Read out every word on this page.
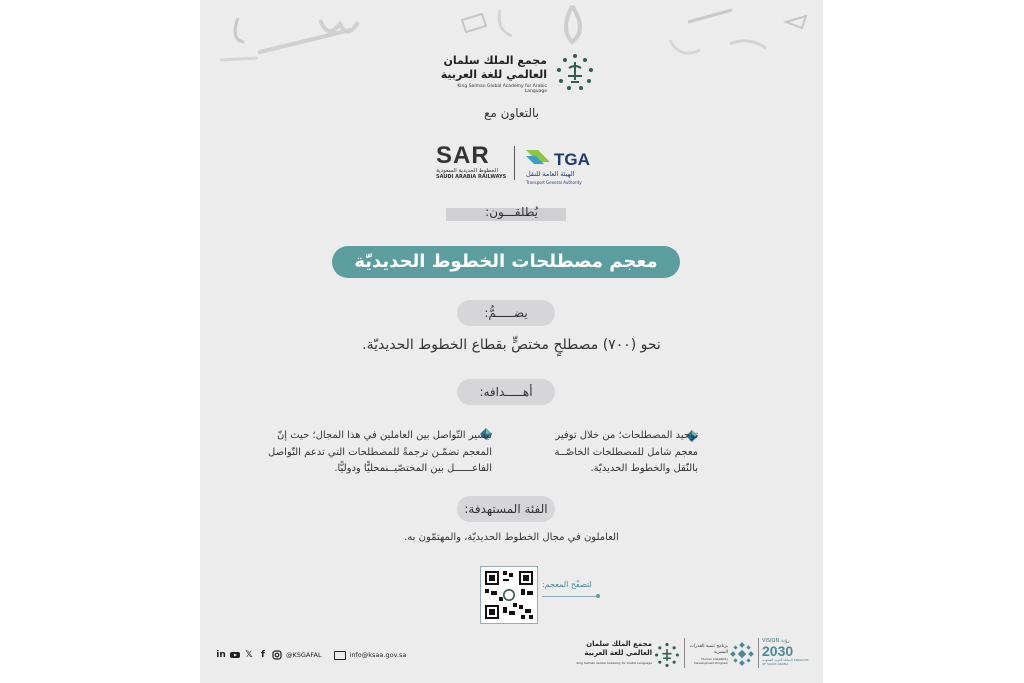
مجمع الملك سلمان
العالمي للغة العربية
King Salman Global Academy for Arabic Language
بالتعاون مع
SAR
الخطوط الحديدية السعودية
SAUDI ARABIA RAILWAYS
TGA
الهيئة العامة للنقل
Transport General Authority
يُطلقـــون:
معجم مصطلحات الخطوط الحديديّة
يضـــــمُّ:
نحو (٧٠٠) مصطلحٍ مختصٍّ بقطاع الخطوط الحديديّة.
أهـــــدافه:
توحيد المصطلحات؛ من خلال توفير معجم شامل للمصطلحات الخاصّــة بالنّقل والخطوط الحديديّة.
تيسير التّواصل بين العاملين في هذا المجال؛ حيث إنّ المعجم تضمّـن ترجمةً للمصطلحات التي تدعم التّواصل الفاعــــــل بين المختصّيــنمحليًّا ودوليًّا.
الفئة المستهدفة:
العاملون في مجال الخطوط الحديديّة، والمهتمّون به.
لتصفّح المعجم:
in 𝕏 f	@KSGAFAL	info@ksaa.gov.sa
مجمع الملك سلمان
العالمي للغة العربية
King Salman Global Academy for Arabic Language
برنامج تنمية القدرات البشرية
Human Capability Development Program
VISION رؤية
2030
المملكة العربية السعودية KINGDOM OF SAUDI ARABIA
